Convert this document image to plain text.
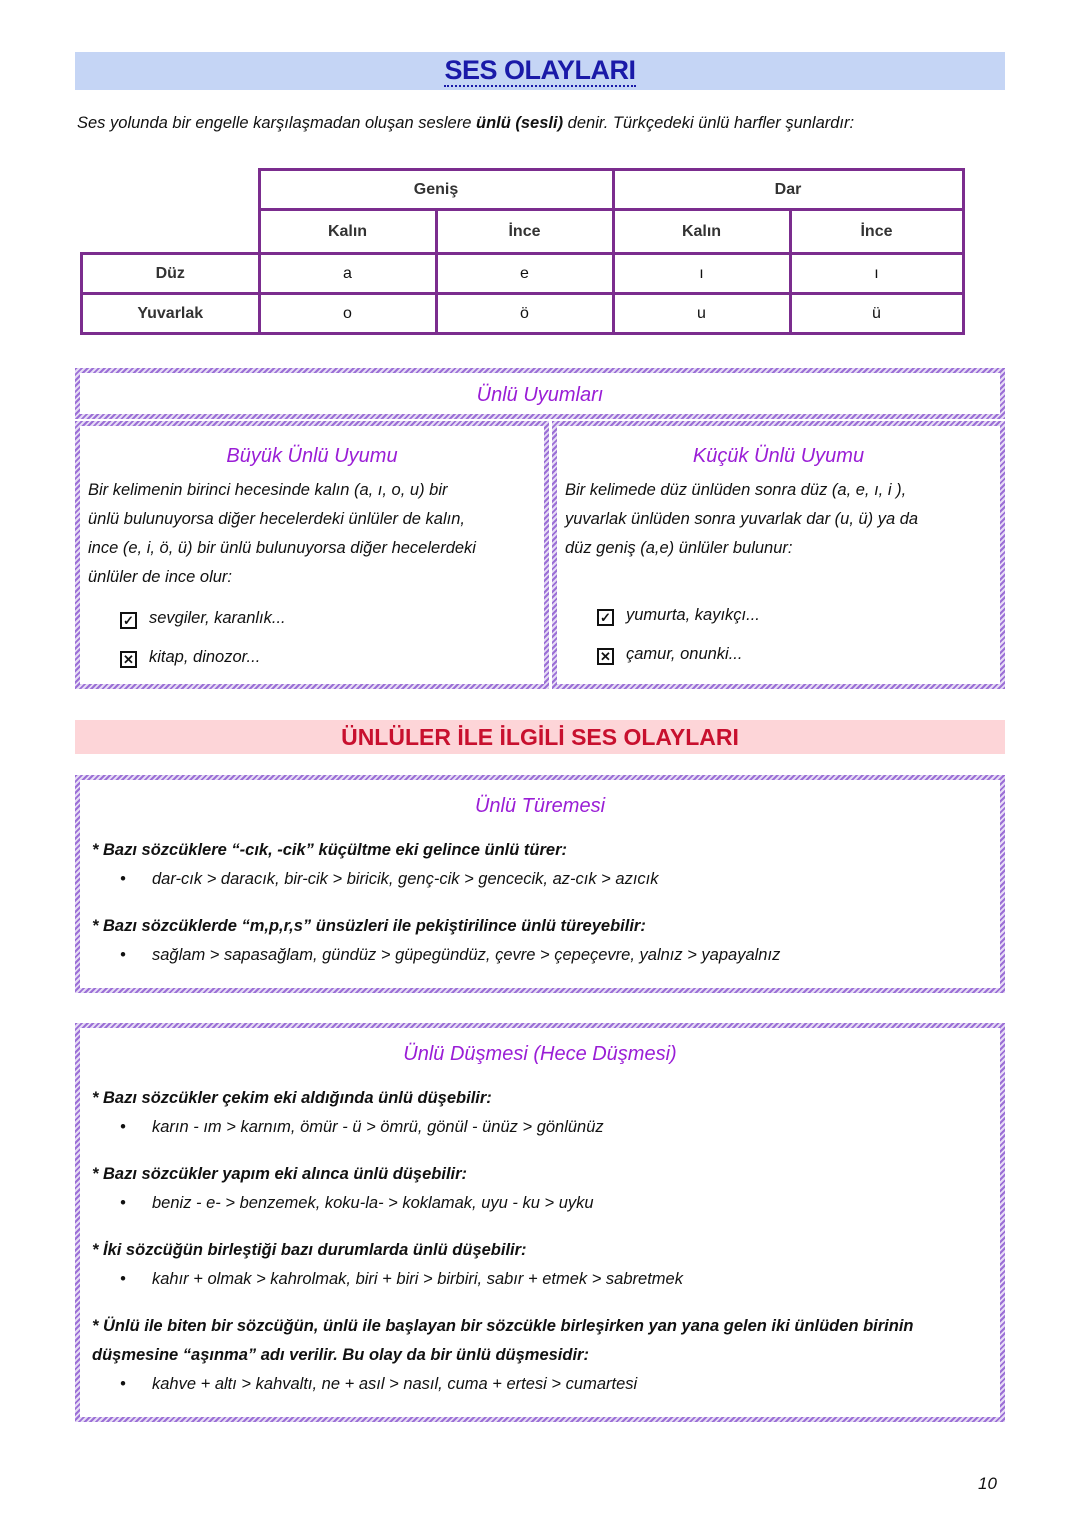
SES OLAYLARI
Ses yolunda bir engelle karşılaşmadan oluşan seslere ünlü (sesli) denir. Türkçedeki ünlü harfler şunlardır:
	Geniş		Dar	
	Kalın	İnce	Kalın	İnce
Düz	a	e	ı	ı
Yuvarlak	o	ö	u	ü
Ünlü Uyumları
Büyük Ünlü Uyumu
Bir kelimenin birinci hecesinde kalın (a, ı, o, u) bir
ünlü bulunuyorsa diğer hecelerdeki ünlüler de kalın,
ince (e, i, ö, ü) bir ünlü bulunuyorsa diğer hecelerdeki
ünlüler de ince olur:
✓ sevgiler, karanlık...
✕ kitap, dinozor...
Küçük Ünlü Uyumu
Bir kelimede düz ünlüden sonra düz (a, e, ı, i ),
yuvarlak ünlüden sonra yuvarlak dar (u, ü) ya da
düz geniş (a,e) ünlüler bulunur:
✓ yumurta, kayıkçı...
✕ çamur, onunki...
ÜNLÜLER İLE İLGİLİ SES OLAYLARI
Ünlü Türemesi
* Bazı sözcüklere “-cık, -cik” küçültme eki gelince ünlü türer:
•	dar-cık > daracık, bir-cik > biricik, genç-cik > gencecik, az-cık > azıcık
* Bazı sözcüklerde “m,p,r,s” ünsüzleri ile pekiştirilince ünlü türeyebilir:
•	sağlam > sapasağlam, gündüz > güpegündüz, çevre > çepeçevre, yalnız > yapayalnız
Ünlü Düşmesi (Hece Düşmesi)
* Bazı sözcükler çekim eki aldığında ünlü düşebilir:
•	karın - ım > karnım, ömür - ü > ömrü, gönül - ünüz > gönlünüz
* Bazı sözcükler yapım eki alınca ünlü düşebilir:
•	beniz - e- > benzemek, koku-la- > koklamak, uyu - ku > uyku
* İki sözcüğün birleştiği bazı durumlarda ünlü düşebilir:
•	kahır + olmak > kahrolmak, biri + biri > birbiri, sabır + etmek > sabretmek
* Ünlü ile biten bir sözcüğün, ünlü ile başlayan bir sözcükle birleşirken yan yana gelen iki ünlüden birinin
düşmesine “aşınma” adı verilir. Bu olay da bir ünlü düşmesidir:
•	kahve + altı > kahvaltı, ne + asıl > nasıl, cuma + ertesi > cumartesi
10
